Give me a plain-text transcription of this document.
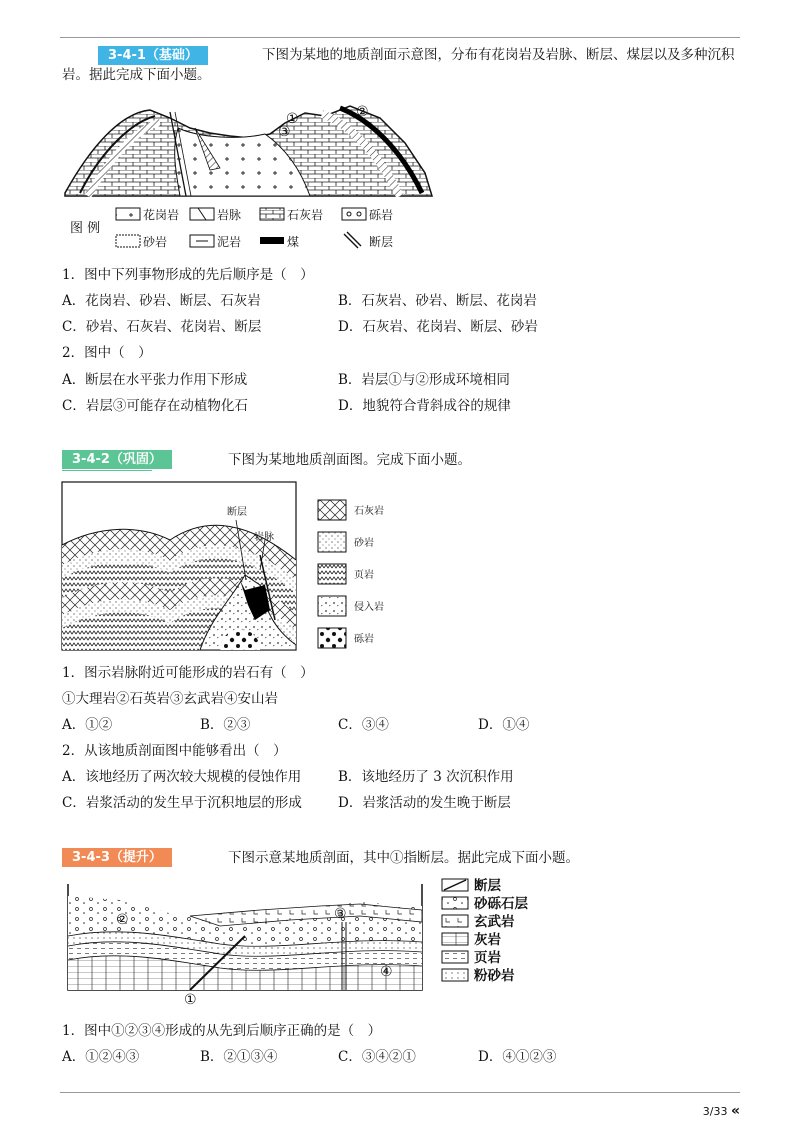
3-4-1（基础）	下图为某地的地质剖面示意图，分布有花岗岩及岩脉、断层、煤层以及多种沉积岩。据此完成下面小题。
③
①	②
图 例
花岗岩	岩脉	石灰岩	砾岩
砂岩	泥岩	煤	断层
1．图中下列事物形成的先后顺序是（　）
A．花岗岩、砂岩、断层、石灰岩	B．石灰岩、砂岩、断层、花岗岩
C．砂岩、石灰岩、花岗岩、断层	D．石灰岩、花岗岩、断层、砂岩
2．图中（　）
A．断层在水平张力作用下形成	B．岩层①与②形成环境相同
C．岩层③可能存在动植物化石	D．地貌符合背斜成谷的规律
3-4-2（巩固）	下图为某地地质剖面图。完成下面小题。
断层
岩脉
石灰岩
砂岩
页岩
侵入岩
砾岩
1．图示岩脉附近可能形成的岩石有（　）
①大理岩②石英岩③玄武岩④安山岩
A．①②	B．②③	C．③④	D．①④
2．从该地质剖面图中能够看出（　）
A．该地经历了两次较大规模的侵蚀作用	B．该地经历了 3 次沉积作用
C．岩浆活动的发生早于沉积地层的形成	D．岩浆活动的发生晚于断层
3-4-3（提升）	下图示意某地质剖面，其中①指断层。据此完成下面小题。
②	③
④
①
断层
砂砾石层
玄武岩
灰岩
页岩
粉砂岩
1．图中①②③④形成的从先到后顺序正确的是（　）
A．①②④③	B．②①③④	C．③④②①	D．④①②③
3/33 «
